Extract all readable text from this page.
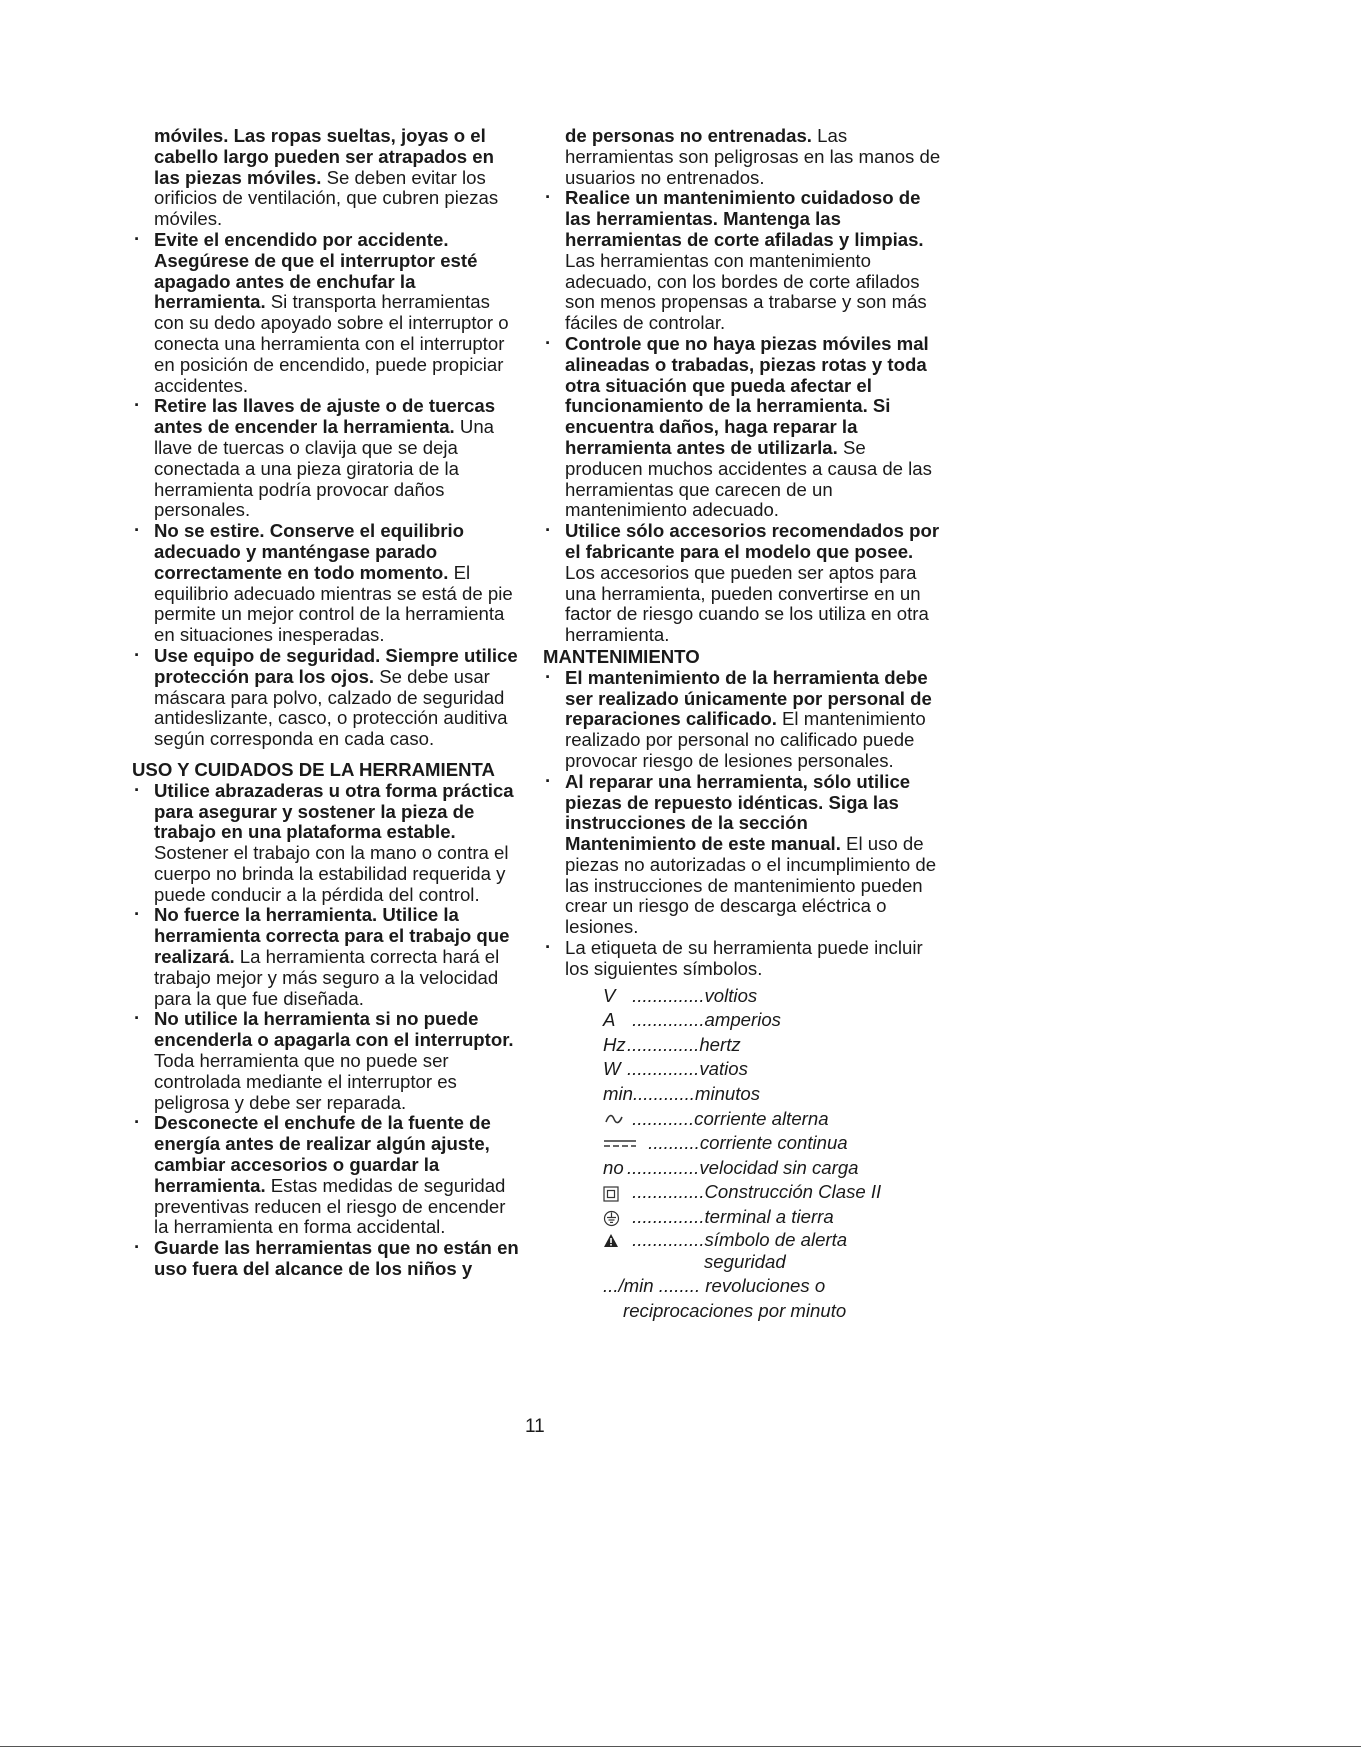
móviles. Las ropas sueltas, joyas o el cabello largo pueden ser atrapados en las piezas móviles. Se deben evitar los orificios de ventilación, que cubren piezas móviles.

· Evite el encendido por accidente. Asegúrese de que el interruptor esté apagado antes de enchufar la herramienta. Si transporta herramientas con su dedo apoyado sobre el interruptor o conecta una herramienta con el interruptor en posición de encendido, puede propiciar accidentes.

· Retire las llaves de ajuste o de tuercas antes de encender la herramienta. Una llave de tuercas o clavija que se deja conectada a una pieza giratoria de la herramienta podría provocar daños personales.

· No se estire. Conserve el equilibrio adecuado y manténgase parado correctamente en todo momento. El equilibrio adecuado mientras se está de pie permite un mejor control de la herramienta en situaciones inesperadas.

· Use equipo de seguridad. Siempre utilice protección para los ojos. Se debe usar máscara para polvo, calzado de seguridad antideslizante, casco, o protección auditiva según corresponda en cada caso.

USO Y CUIDADOS DE LA HERRAMIENTA

· Utilice abrazaderas u otra forma práctica para asegurar y sostener la pieza de trabajo en una plataforma estable. Sostener el trabajo con la mano o contra el cuerpo no brinda la estabilidad requerida y puede conducir a la pérdida del control.

· No fuerce la herramienta. Utilice la herramienta correcta para el trabajo que realizará. La herramienta correcta hará el trabajo mejor y más seguro a la velocidad para la que fue diseñada.

· No utilice la herramienta si no puede encenderla o apagarla con el interruptor. Toda herramienta que no puede ser controlada mediante el interruptor es peligrosa y debe ser reparada.

· Desconecte el enchufe de la fuente de energía antes de realizar algún ajuste, cambiar accesorios o guardar la herramienta. Estas medidas de seguridad preventivas reducen el riesgo de encender la herramienta en forma accidental.

· Guarde las herramientas que no están en uso fuera del alcance de los niños y

de personas no entrenadas. Las herramientas son peligrosas en las manos de usuarios no entrenados.

· Realice un mantenimiento cuidadoso de las herramientas. Mantenga las herramientas de corte afiladas y limpias. Las herramientas con mantenimiento adecuado, con los bordes de corte afilados son menos propensas a trabarse y son más fáciles de controlar.

· Controle que no haya piezas móviles mal alineadas o trabadas, piezas rotas y toda otra situación que pueda afectar el funcionamiento de la herramienta. Si encuentra daños, haga reparar la herramienta antes de utilizarla. Se producen muchos accidentes a causa de las herramientas que carecen de un mantenimiento adecuado.

· Utilice sólo accesorios recomendados por el fabricante para el modelo que posee. Los accesorios que pueden ser aptos para una herramienta, pueden convertirse en un factor de riesgo cuando se los utiliza en otra herramienta.

MANTENIMIENTO

· El mantenimiento de la herramienta debe ser realizado únicamente por personal de reparaciones calificado. El mantenimiento realizado por personal no calificado puede provocar riesgo de lesiones personales.

· Al reparar una herramienta, sólo utilice piezas de repuesto idénticas. Siga las instrucciones de la sección Mantenimiento de este manual. El uso de piezas no autorizadas o el incumplimiento de las instrucciones de mantenimiento pueden crear un riesgo de descarga eléctrica o lesiones.

· La etiqueta de su herramienta puede incluir los siguientes símbolos.

V ..............voltios
A ..............amperios
Hz..............hertz
W ..............vatios
min............minutos
............corriente alterna
..........corriente continua
no ..............velocidad sin carga
..............Construcción Clase II
..............terminal a tierra
..............símbolo de alerta
seguridad
.../min ........ revoluciones o
reciprocaciones por minuto
11
